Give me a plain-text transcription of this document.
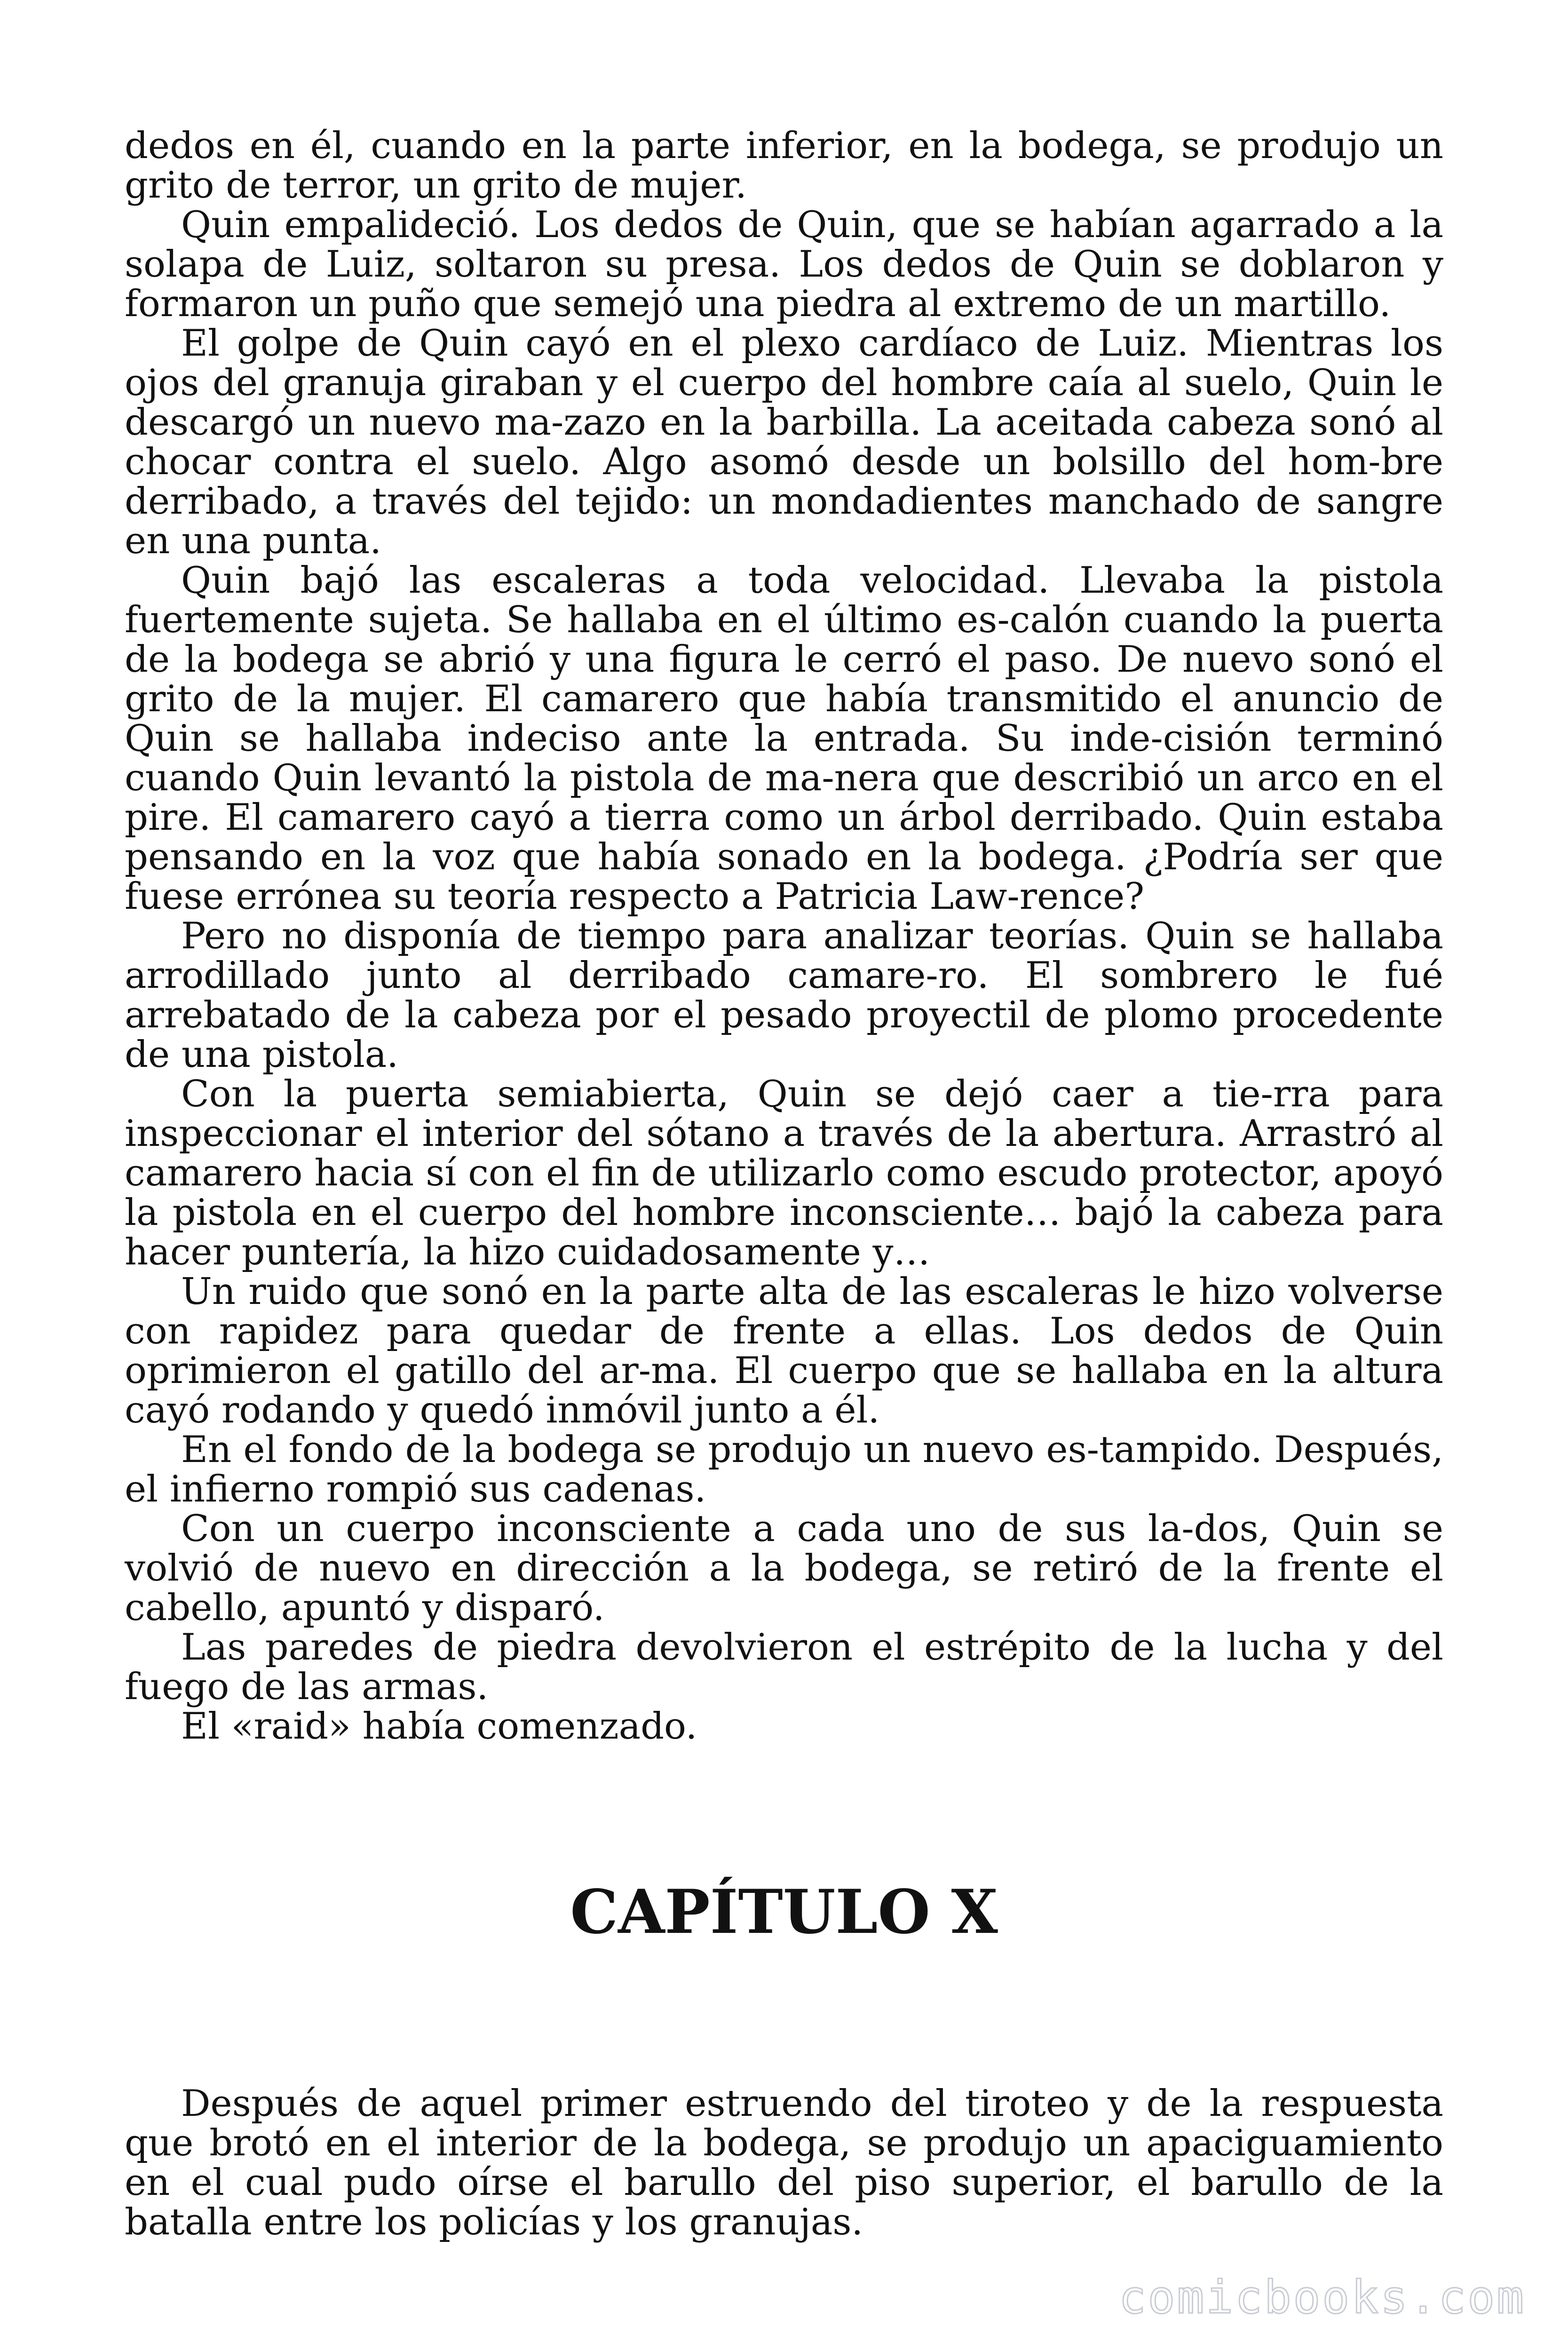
dedos en él, cuando en la parte inferior, en la bodega, se produjo un grito de terror, un grito de mujer.

Quin empalideció. Los dedos de Quin, que se habían agarrado a la solapa de Luiz, soltaron su presa. Los dedos de Quin se doblaron y formaron un puño que semejó una piedra al extremo de un martillo.

El golpe de Quin cayó en el plexo cardíaco de Luiz. Mientras los ojos del granuja giraban y el cuerpo del hombre caía al suelo, Quin le descargó un nuevo ma-zazo en la barbilla. La aceitada cabeza sonó al chocar contra el suelo. Algo asomó desde un bolsillo del hom-bre derribado, a través del tejido: un mondadientes manchado de sangre en una punta.

Quin bajó las escaleras a toda velocidad. Llevaba la pistola fuertemente sujeta. Se hallaba en el último es-calón cuando la puerta de la bodega se abrió y una figura le cerró el paso. De nuevo sonó el grito de la mujer. El camarero que había transmitido el anuncio de Quin se hallaba indeciso ante la entrada. Su inde-cisión terminó cuando Quin levantó la pistola de ma-nera que describió un arco en el pire. El camarero cayó a tierra como un árbol derribado. Quin estaba pensando en la voz que había sonado en la bodega. ¿Podría ser que fuese errónea su teoría respecto a Patricia Law-rence?

Pero no disponía de tiempo para analizar teorías. Quin se hallaba arrodillado junto al derribado camare-ro. El sombrero le fué arrebatado de la cabeza por el pesado proyectil de plomo procedente de una pistola.

Con la puerta semiabierta, Quin se dejó caer a tie-rra para inspeccionar el interior del sótano a través de la abertura. Arrastró al camarero hacia sí con el fin de utilizarlo como escudo protector, apoyó la pistola en el cuerpo del hombre inconsciente… bajó la cabeza para hacer puntería, la hizo cuidadosamente y…

Un ruido que sonó en la parte alta de las escaleras le hizo volverse con rapidez para quedar de frente a ellas. Los dedos de Quin oprimieron el gatillo del ar-ma. El cuerpo que se hallaba en la altura cayó rodando y quedó inmóvil junto a él.

En el fondo de la bodega se produjo un nuevo es-tampido. Después, el infierno rompió sus cadenas.

Con un cuerpo inconsciente a cada uno de sus la-dos, Quin se volvió de nuevo en dirección a la bodega, se retiró de la frente el cabello, apuntó y disparó.

Las paredes de piedra devolvieron el estrépito de la lucha y del fuego de las armas.

El «raid» había comenzado.

CAPÍTULO X

Después de aquel primer estruendo del tiroteo y de la respuesta que brotó en el interior de la bodega, se produjo un apaciguamiento en el cual pudo oírse el barullo del piso superior, el barullo de la batalla entre los policías y los granujas.

comicbooks.com
